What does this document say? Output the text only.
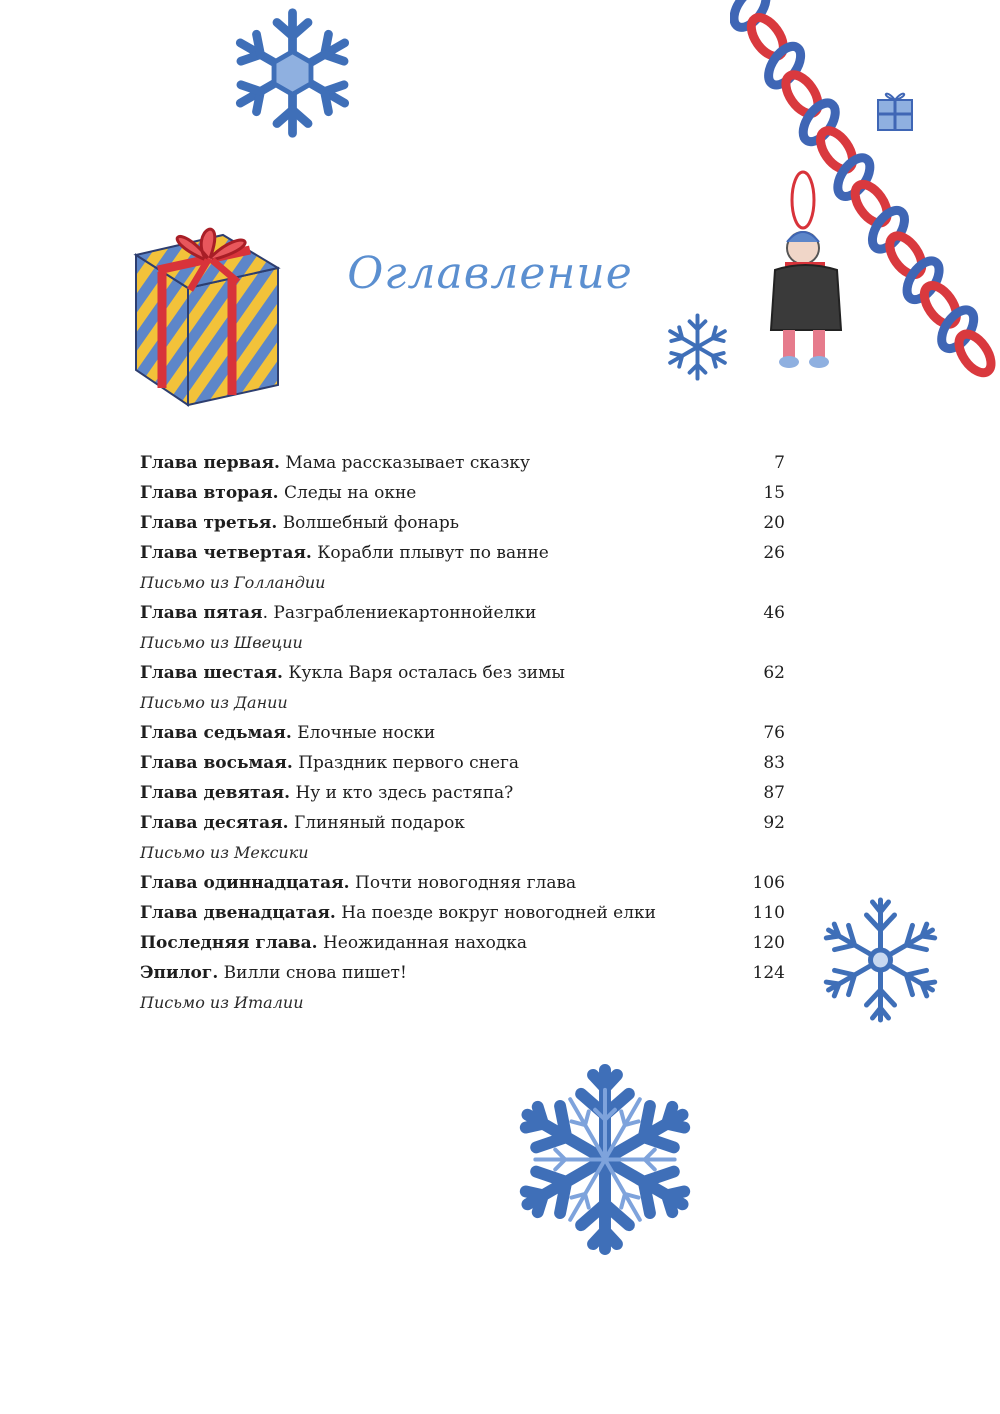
Оглавление
Глава первая. Мама рассказывает сказку	7
Глава вторая. Следы на окне	15
Глава третья. Волшебный фонарь	20
Глава четвертая. Корабли плывут по ванне	26
Письмо из Голландии
Глава пятая. Разграблениекартоннойелки	46
Письмо из Швеции
Глава шестая. Кукла Варя осталась без зимы	62
Письмо из Дании
Глава седьмая. Елочные носки	76
Глава восьмая. Праздник первого снега	83
Глава девятая. Ну и кто здесь растяпа?	87
Глава десятая. Глиняный подарок	92
Письмо из Мексики
Глава одиннадцатая. Почти новогодняя глава	106
Глава двенадцатая. На поезде вокруг новогодней елки	110
Последняя глава. Неожиданная находка	120
Эпилог. Вилли снова пишет!	124
Письмо из Италии
